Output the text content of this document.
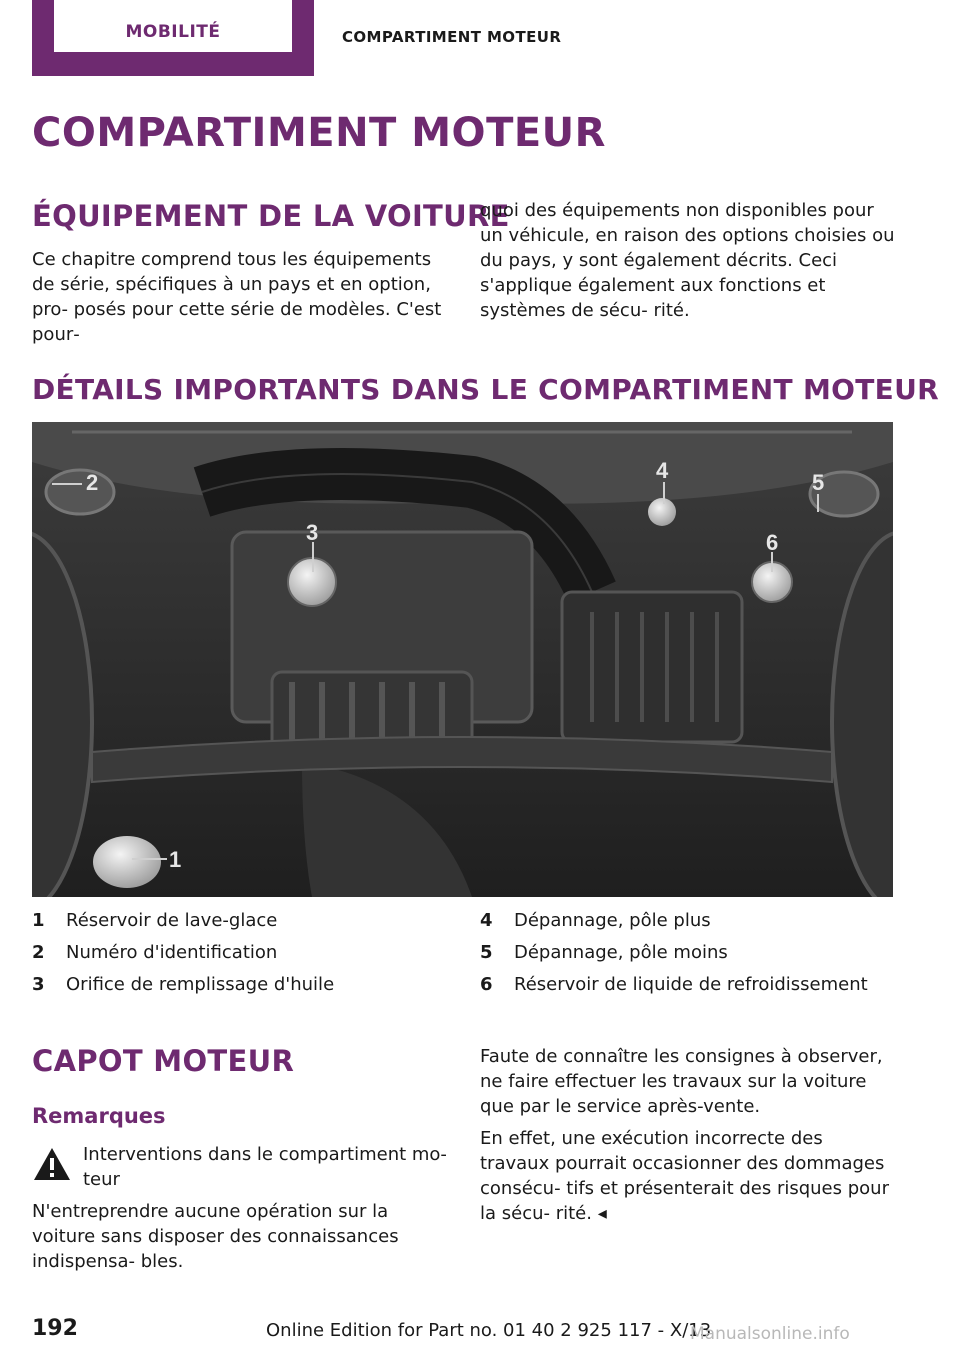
MOBILITÉ	COMPARTIMENT MOTEUR
COMPARTIMENT MOTEUR
ÉQUIPEMENT DE LA VOITURE
Ce chapitre comprend tous les équipements de série, spécifiques à un pays et en option, pro‐ posés pour cette série de modèles. C'est pour‐
quoi des équipements non disponibles pour un véhicule, en raison des options choisies ou du pays, y sont également décrits. Ceci s'applique également aux fonctions et systèmes de sécu‐ rité.
DÉTAILS IMPORTANTS DANS LE COMPARTIMENT MOTEUR
2
3
4	5
6
1
1	Réservoir de lave-glace
2	Numéro d'identification
3	Orifice de remplissage d'huile
4	Dépannage, pôle plus
5	Dépannage, pôle moins
6	Réservoir de liquide de refroidissement
CAPOT MOTEUR
Remarques
Interventions dans le compartiment mo‐ teur
N'entreprendre aucune opération sur la voiture sans disposer des connaissances indispensa‐ bles.
Faute de connaître les consignes à observer, ne faire effectuer les travaux sur la voiture que par le service après-vente.
En effet, une exécution incorrecte des travaux pourrait occasionner des dommages consécu‐ tifs et présenterait des risques pour la sécu‐ rité. ◂
192	Online Edition for Part no. 01 40 2 925 117 - X/13
Manualsonline.info
